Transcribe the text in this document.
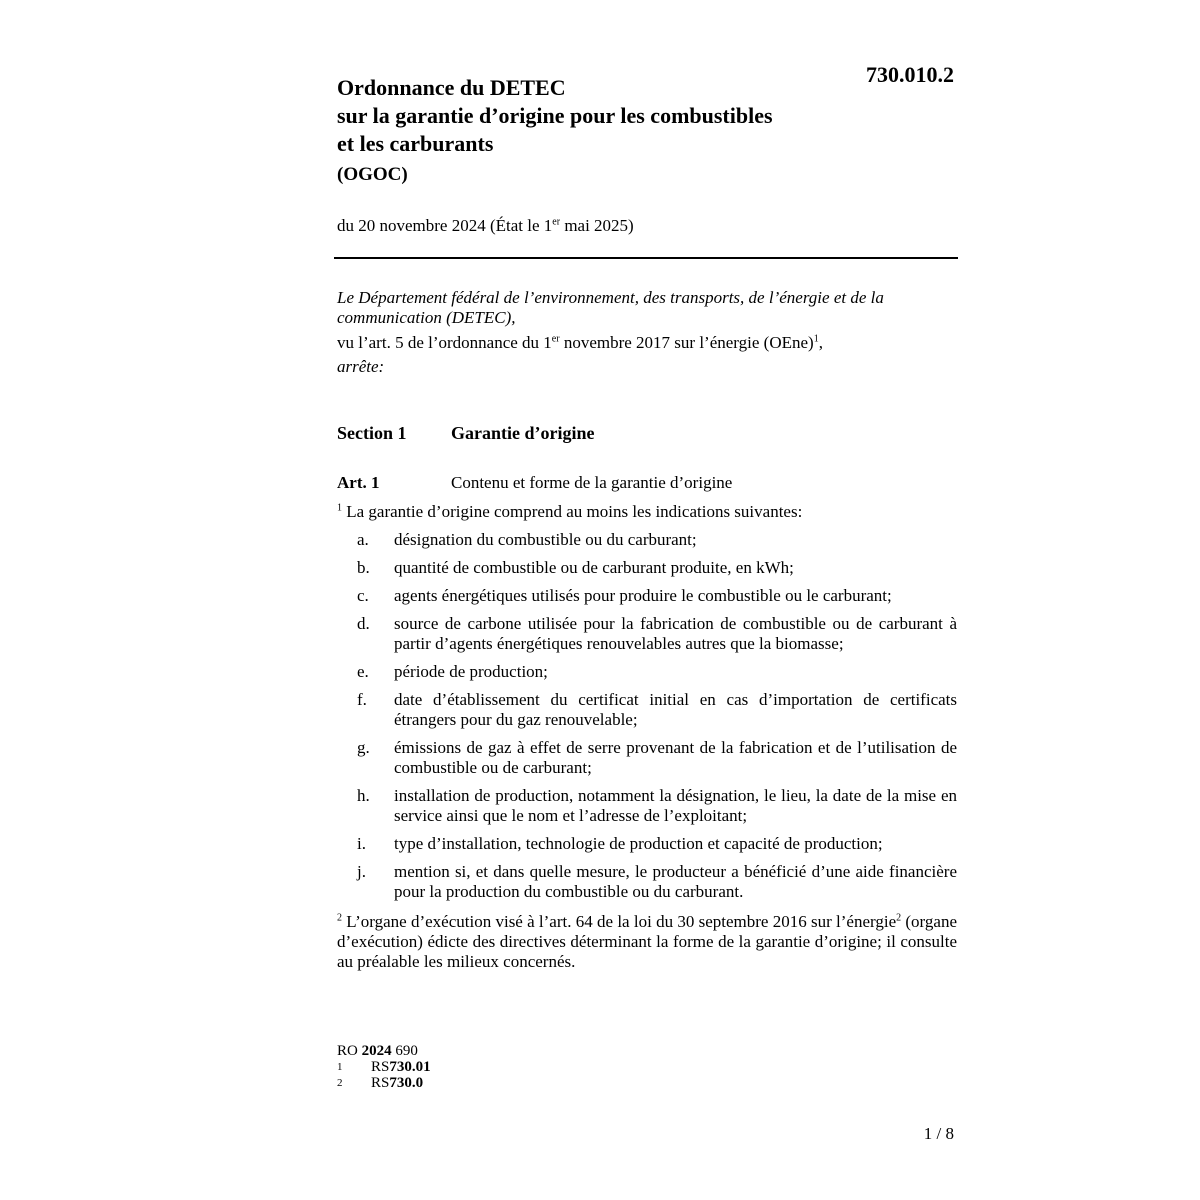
730.010.2

Ordonnance du DETEC

sur la garantie d’origine pour les combustibles

et les carburants

(OGOC)
du 20 novembre 2024 (État le 1er mai 2025)

Le Département fédéral de l’environnement, des transports, de l’énergie et de la communication (DETEC),

vu l’art. 5 de l’ordonnance du 1er novembre 2017 sur l’énergie (OEne)$^1$,

arrête:

Section 1 Garantie d’origine
Art. 1	Contenu et forme de la garantie d’origine
$^1$ La garantie d’origine comprend au moins les indications suivantes:
a.	désignation du combustible ou du carburant;
b.	quantité de combustible ou de carburant produite, en kWh;
c.	agents énergétiques utilisés pour produire le combustible ou le carburant;
d.	source de carbone utilisée pour la fabrication de combustible ou de carburant à partir d’agents énergétiques renouvelables autres que la biomasse;
e.	période de production;
f.	date d’établissement du certificat initial en cas d’importation de certificats étrangers pour du gaz renouvelable;
g.	émissions de gaz à effet de serre provenant de la fabrication et de l’utilisation de combustible ou de carburant;
h.	installation de production, notamment la désignation, le lieu, la date de la mise en service ainsi que le nom et l’adresse de l’exploitant;
i.	type d’installation, technologie de production et capacité de production;
j.	mention si, et dans quelle mesure, le producteur a bénéficié d’une aide financière pour la production du combustible ou du carburant.
$^2$ L’organe d’exécution visé à l’art. 64 de la loi du 30 septembre 2016 sur l’énergie$^2$ (organe d’exécution) édicte des directives déterminant la forme de la garantie d’origine; il consulte au préalable les milieux concernés.
RO 2024 690
1	RS 730.01
2	RS 730.0
1 / 8
